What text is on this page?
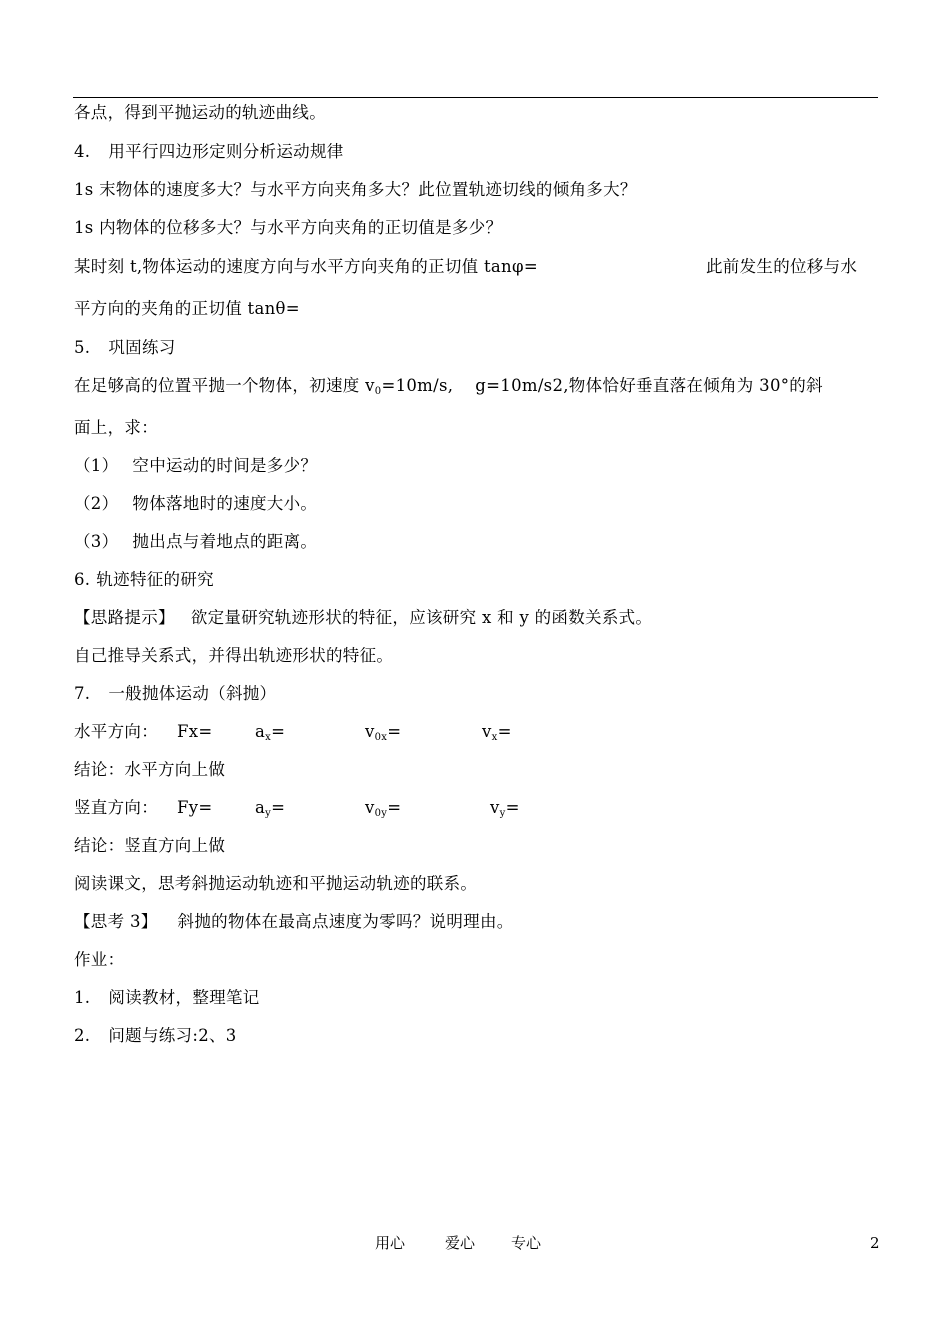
各点，得到平抛运动的轨迹曲线。
4. 用平行四边形定则分析运动规律
1s 末物体的速度多大？与水平方向夹角多大？此位置轨迹切线的倾角多大？
1s 内物体的位移多大？与水平方向夹角的正切值是多少？
某时刻 t,物体运动的速度方向与水平方向夹角的正切值 tanφ=	此前发生的位移与水
平方向的夹角的正切值 tanθ=
5. 巩固练习
在足够高的位置平抛一个物体，初速度 $v_0=10m/s$, g=10m/s2,物体恰好垂直落在倾角为 30°的斜
面上，求：
（1） 空中运动的时间是多少？
（2） 物体落地时的速度大小。
（3） 抛出点与着地点的距离。
6. 轨迹特征的研究
【思路提示】 欲定量研究轨迹形状的特征，应该研究 x 和 y 的函数关系式。
自己推导关系式，并得出轨迹形状的特征。
7. 一般抛体运动（斜抛）
水平方向： Fx=	$a_x=$	$v_{0x}=$	$v_x=$
结论：水平方向上做
竖直方向： Fy=	$a_y=$	$v_{0y}=$	$v_y=$
结论：竖直方向上做
阅读课文，思考斜抛运动轨迹和平抛运动轨迹的联系。
【思考 3】 斜抛的物体在最高点速度为零吗？说明理由。
作业：
1. 阅读教材，整理笔记
2. 问题与练习:2、3
用心	爱心 专心	2
